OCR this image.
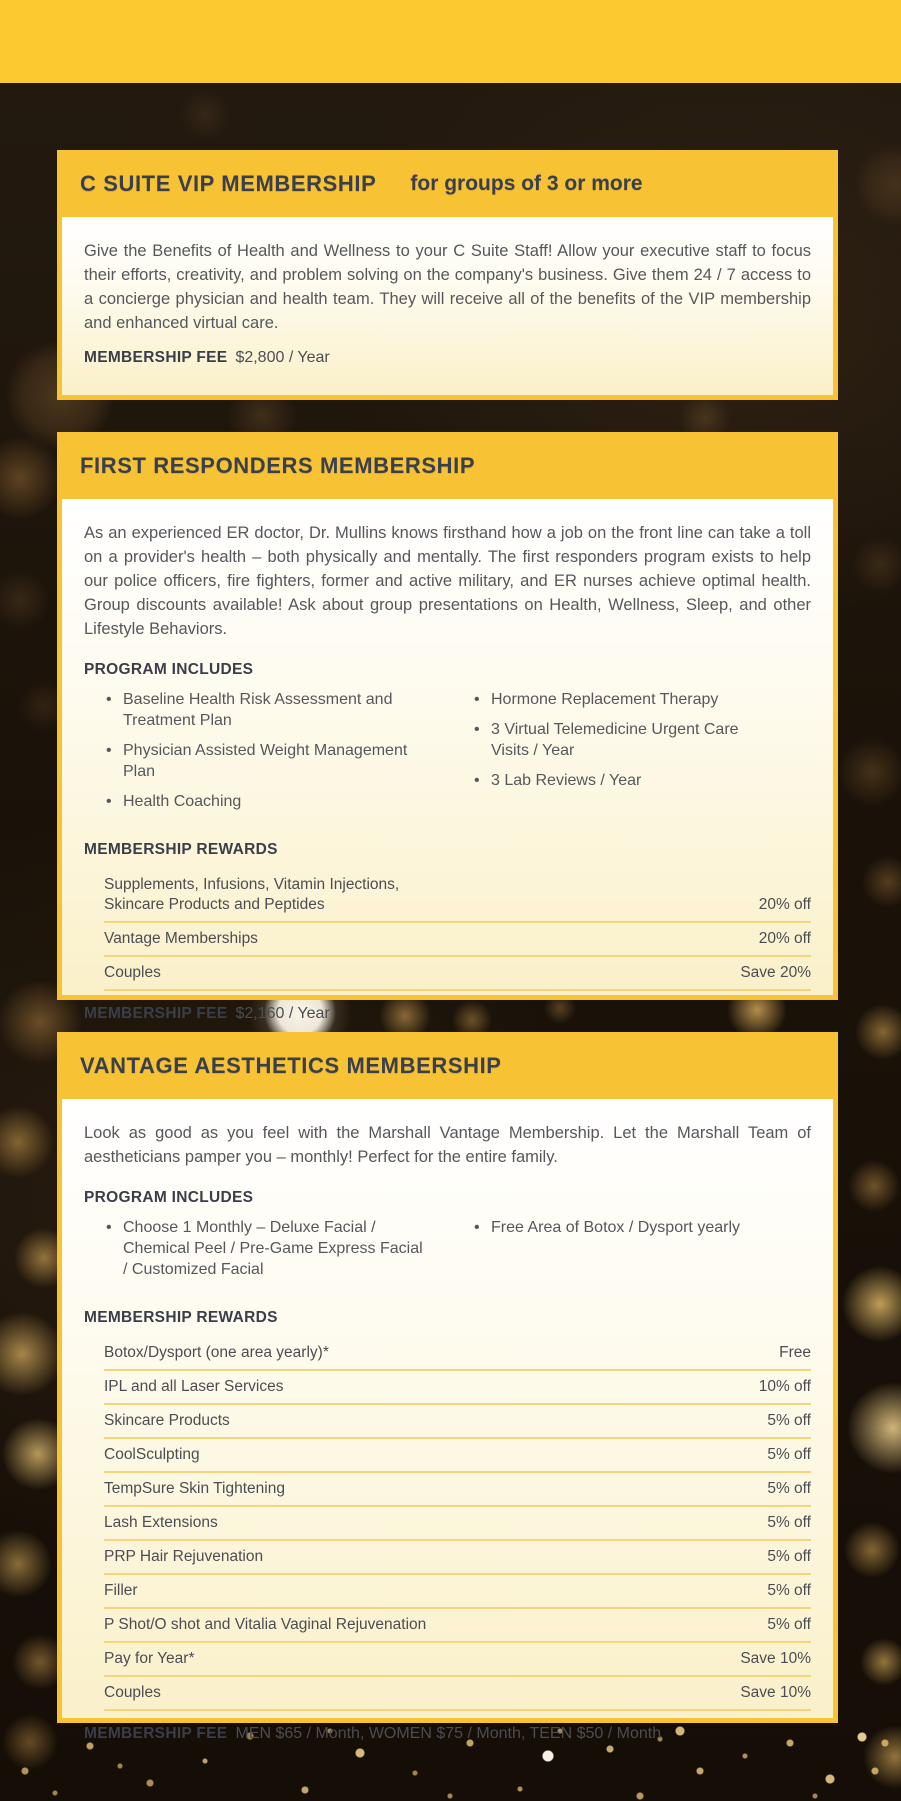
C SUITE VIP MEMBERSHIP for groups of 3 or more

Give the Benefits of Health and Wellness to your C Suite Staff! Allow your executive staff to focus their efforts, creativity, and problem solving on the company's business. Give them 24 / 7 access to a concierge physician and health team. They will receive all of the benefits of the VIP membership and enhanced virtual care.

MEMBERSHIP FEE $2,800 / Year
FIRST RESPONDERS MEMBERSHIP

As an experienced ER doctor, Dr. Mullins knows firsthand how a job on the front line can take a toll on a provider's health – both physically and mentally. The first responders program exists to help our police officers, fire fighters, former and active military, and ER nurses achieve optimal health. Group discounts available! Ask about group presentations on Health, Wellness, Sleep, and other Lifestyle Behaviors.

PROGRAM INCLUDES
• Baseline Health Risk Assessment and Treatment Plan
• Physician Assisted Weight Management Plan
• Health Coaching
• Hormone Replacement Therapy
• 3 Virtual Telemedicine Urgent Care Visits / Year
• 3 Lab Reviews / Year
MEMBERSHIP REWARDS
Supplements, Infusions, Vitamin Injections,
Skincare Products and Peptides	20% off
Vantage Memberships	20% off
Couples	Save 20%
MEMBERSHIP FEE $2,160 / Year
VANTAGE AESTHETICS MEMBERSHIP

Look as good as you feel with the Marshall Vantage Membership. Let the Marshall Team of aestheticians pamper you – monthly! Perfect for the entire family.

PROGRAM INCLUDES
• Choose 1 Monthly – Deluxe Facial / Chemical Peel / Pre-Game Express Facial / Customized Facial
• Free Area of Botox / Dysport yearly
MEMBERSHIP REWARDS
Botox/Dysport (one area yearly)*	Free
IPL and all Laser Services	10% off
Skincare Products	5% off
CoolSculpting	5% off
TempSure Skin Tightening	5% off
Lash Extensions	5% off
PRP Hair Rejuvenation	5% off
Filler	5% off
P Shot/O shot and Vitalia Vaginal Rejuvenation	5% off
Pay for Year*	Save 10%
Couples	Save 10%
MEMBERSHIP FEE MEN $65 / Month, WOMEN $75 / Month, TEEN $50 / Month
